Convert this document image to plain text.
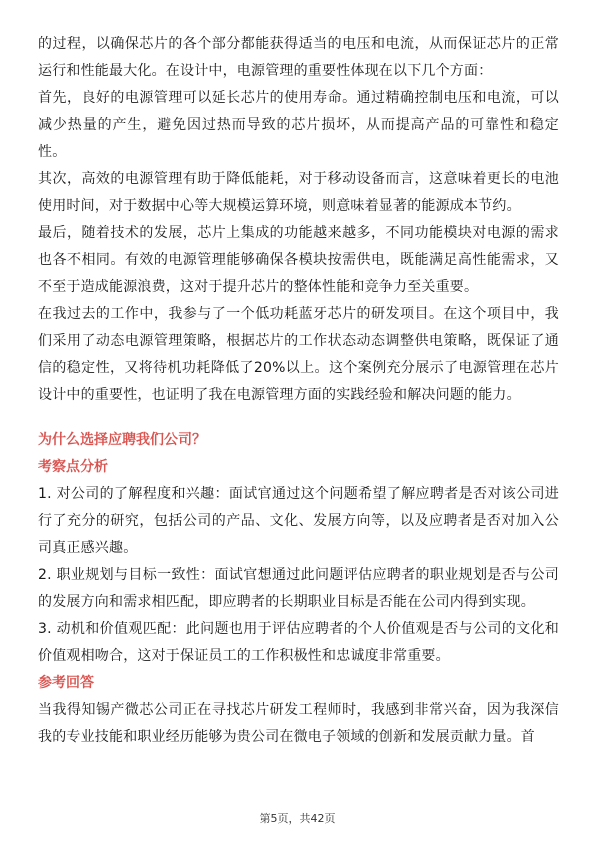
的过程，以确保芯片的各个部分都能获得适当的电压和电流，从而保证芯片的正常运行和性能最大化。在设计中，电源管理的重要性体现在以下几个方面：

首先，良好的电源管理可以延长芯片的使用寿命。通过精确控制电压和电流，可以减少热量的产生，避免因过热而导致的芯片损坏，从而提高产品的可靠性和稳定性。

其次，高效的电源管理有助于降低能耗，对于移动设备而言，这意味着更长的电池使用时间，对于数据中心等大规模运算环境，则意味着显著的能源成本节约。

最后，随着技术的发展，芯片上集成的功能越来越多，不同功能模块对电源的需求也各不相同。有效的电源管理能够确保各模块按需供电，既能满足高性能需求，又不至于造成能源浪费，这对于提升芯片的整体性能和竞争力至关重要。

在我过去的工作中，我参与了一个低功耗蓝牙芯片的研发项目。在这个项目中，我们采用了动态电源管理策略，根据芯片的工作状态动态调整供电策略，既保证了通信的稳定性，又将待机功耗降低了20%以上。这个案例充分展示了电源管理在芯片设计中的重要性，也证明了我在电源管理方面的实践经验和解决问题的能力。

为什么选择应聘我们公司？

考察点分析

1. 对公司的了解程度和兴趣：面试官通过这个问题希望了解应聘者是否对该公司进行了充分的研究，包括公司的产品、文化、发展方向等，以及应聘者是否对加入公司真正感兴趣。

2. 职业规划与目标一致性：面试官想通过此问题评估应聘者的职业规划是否与公司的发展方向和需求相匹配，即应聘者的长期职业目标是否能在公司内得到实现。

3. 动机和价值观匹配：此问题也用于评估应聘者的个人价值观是否与公司的文化和价值观相吻合，这对于保证员工的工作积极性和忠诚度非常重要。

参考回答

当我得知锡产微芯公司正在寻找芯片研发工程师时，我感到非常兴奋，因为我深信我的专业技能和职业经历能够为贵公司在微电子领域的创新和发展贡献力量。首

第5页，共42页
